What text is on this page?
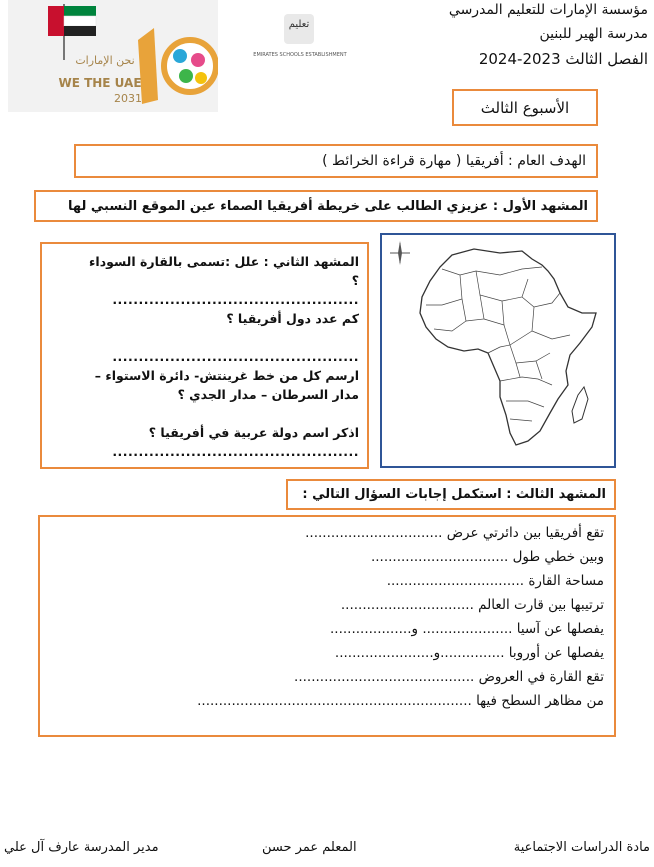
مؤسسة الإمارات للتعليم المدرسي
مدرسة الهير للبنين
الفصل الثالث 2023-2024
نحن الإمارات
WE THE UAE
2031
تعليم
EMIRATES SCHOOLS ESTABLISHMENT
الأسبوع الثالث
الهدف العام : أفريقيا ( مهارة قراءة الخرائط )
المشهد الأول : عزيزي الطالب على خريطة أفريقيا الصماء عين الموقع النسبي لها

المشهد الثاني : علل :تسمى بالقارة السوداء

؟

...............................................

كم عدد دول أفريقيا ؟

...............................................

ارسم كل من خط غرينتش- دائرة الاستواء –

مدار السرطان – مدار الجدي ؟

اذكر اسم دولة عربية في أفريقيا ؟

...............................................

المشهد الثالث : استكمل إجابات السؤال التالي :
تقع أفريقيا بين دائرتي عرض ................................
وبين خطي طول ................................
مساحة القارة ................................
ترتيبها بين قارت العالم ...............................
يفصلها عن آسيا ..................... و...................
يفصلها عن أوروبا ...............و.......................
تقع القارة في العروض ..........................................
من مظاهر السطح فيها ................................................................
مادة الدراسات الاجتماعية
المعلم عمر حسن
مدير المدرسة عارف آل علي
